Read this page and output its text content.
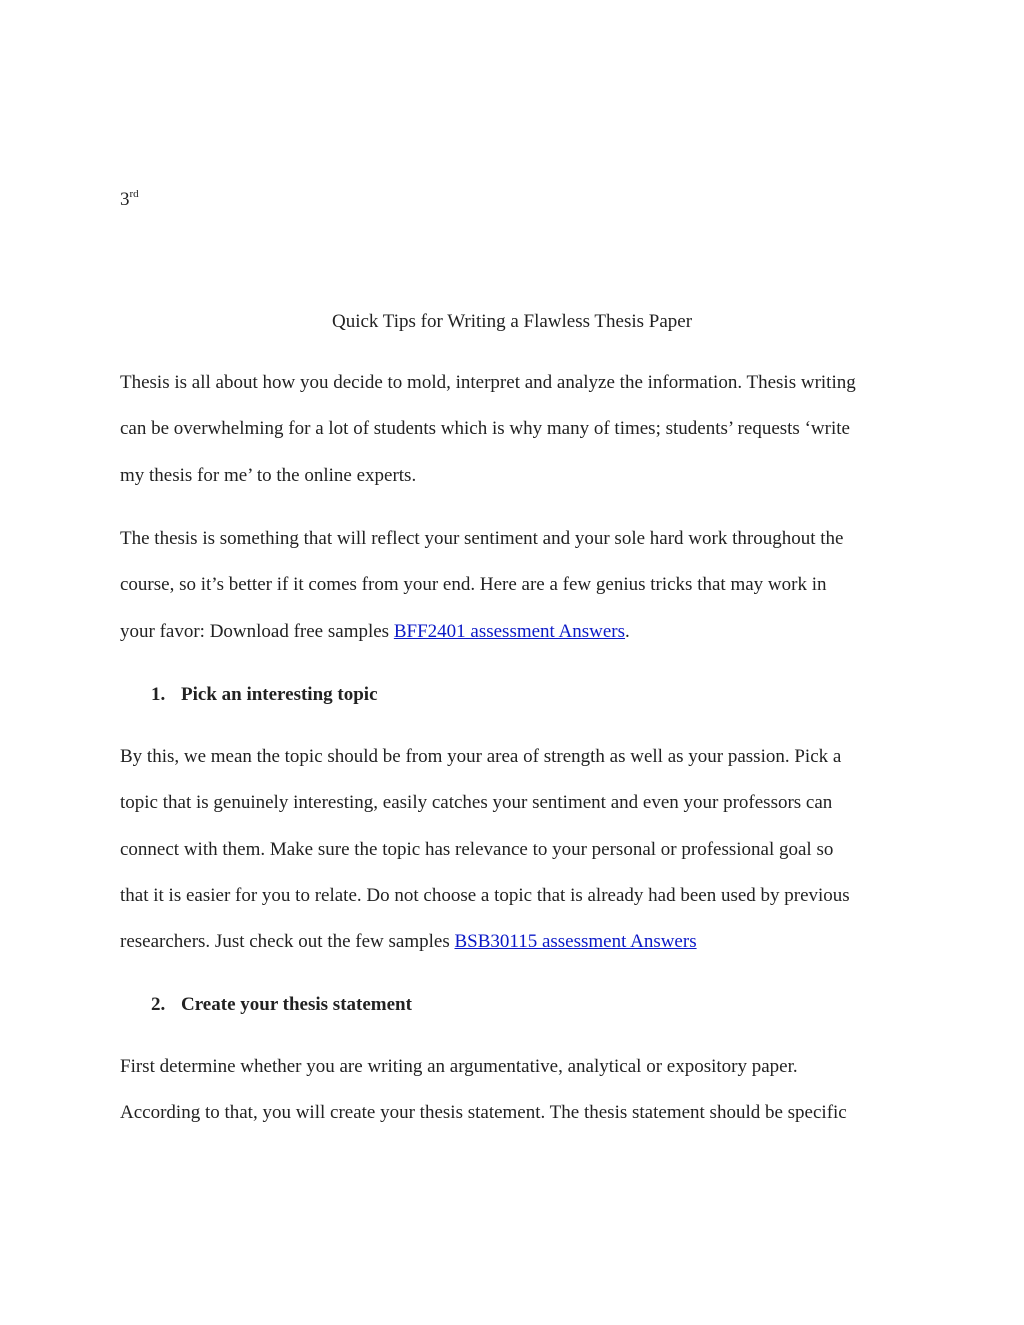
3rd
Quick Tips for Writing a Flawless Thesis Paper

Thesis is all about how you decide to mold, interpret and analyze the information. Thesis writing
can be overwhelming for a lot of students which is why many of times; students’ requests ‘write
my thesis for me’ to the online experts.

The thesis is something that will reflect your sentiment and your sole hard work throughout the
course, so it’s better if it comes from your end. Here are a few genius tricks that may work in
your favor: Download free samples BFF2401 assessment Answers.

1. Pick an interesting topic

By this, we mean the topic should be from your area of strength as well as your passion. Pick a
topic that is genuinely interesting, easily catches your sentiment and even your professors can
connect with them. Make sure the topic has relevance to your personal or professional goal so
that it is easier for you to relate. Do not choose a topic that is already had been used by previous
researchers. Just check out the few samples BSB30115 assessment Answers

2. Create your thesis statement

First determine whether you are writing an argumentative, analytical or expository paper.
According to that, you will create your thesis statement. The thesis statement should be specific
